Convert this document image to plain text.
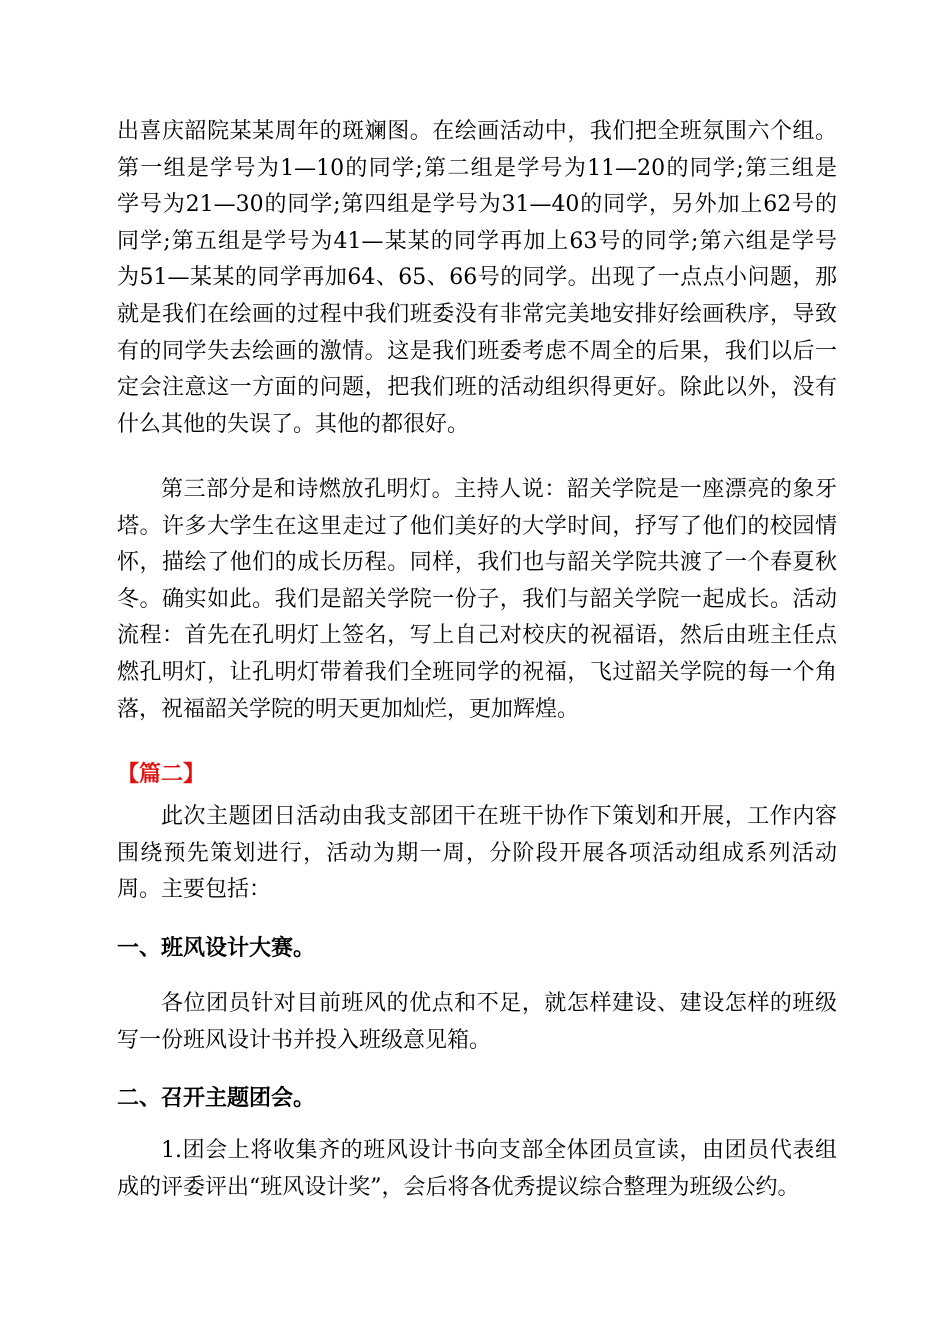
出喜庆韶院某某周年的斑斓图。在绘画活动中，我们把全班氛围六个组。
第一组是学号为1—10的同学;第二组是学号为11—20的同学;第三组是
学号为21—30的同学;第四组是学号为31—40的同学，另外加上62号的
同学;第五组是学号为41—某某的同学再加上63号的同学;第六组是学号
为51—某某的同学再加64、65、66号的同学。出现了一点点小问题，那
就是我们在绘画的过程中我们班委没有非常完美地安排好绘画秩序，导致
有的同学失去绘画的激情。这是我们班委考虑不周全的后果，我们以后一
定会注意这一方面的问题，把我们班的活动组织得更好。除此以外，没有
什么其他的失误了。其他的都很好。
第三部分是和诗燃放孔明灯。主持人说：韶关学院是一座漂亮的象牙
塔。许多大学生在这里走过了他们美好的大学时间，抒写了他们的校园情
怀，描绘了他们的成长历程。同样，我们也与韶关学院共渡了一个春夏秋
冬。确实如此。我们是韶关学院一份子，我们与韶关学院一起成长。活动
流程：首先在孔明灯上签名，写上自己对校庆的祝福语，然后由班主任点
燃孔明灯，让孔明灯带着我们全班同学的祝福，飞过韶关学院的每一个角
落，祝福韶关学院的明天更加灿烂，更加辉煌。
【篇二】
此次主题团日活动由我支部团干在班干协作下策划和开展，工作内容
围绕预先策划进行，活动为期一周，分阶段开展各项活动组成系列活动
周。主要包括：
一、班风设计大赛。
各位团员针对目前班风的优点和不足，就怎样建设、建设怎样的班级
写一份班风设计书并投入班级意见箱。
二、召开主题团会。
1.团会上将收集齐的班风设计书向支部全体团员宣读，由团员代表组
成的评委评出“班风设计奖”，会后将各优秀提议综合整理为班级公约。
